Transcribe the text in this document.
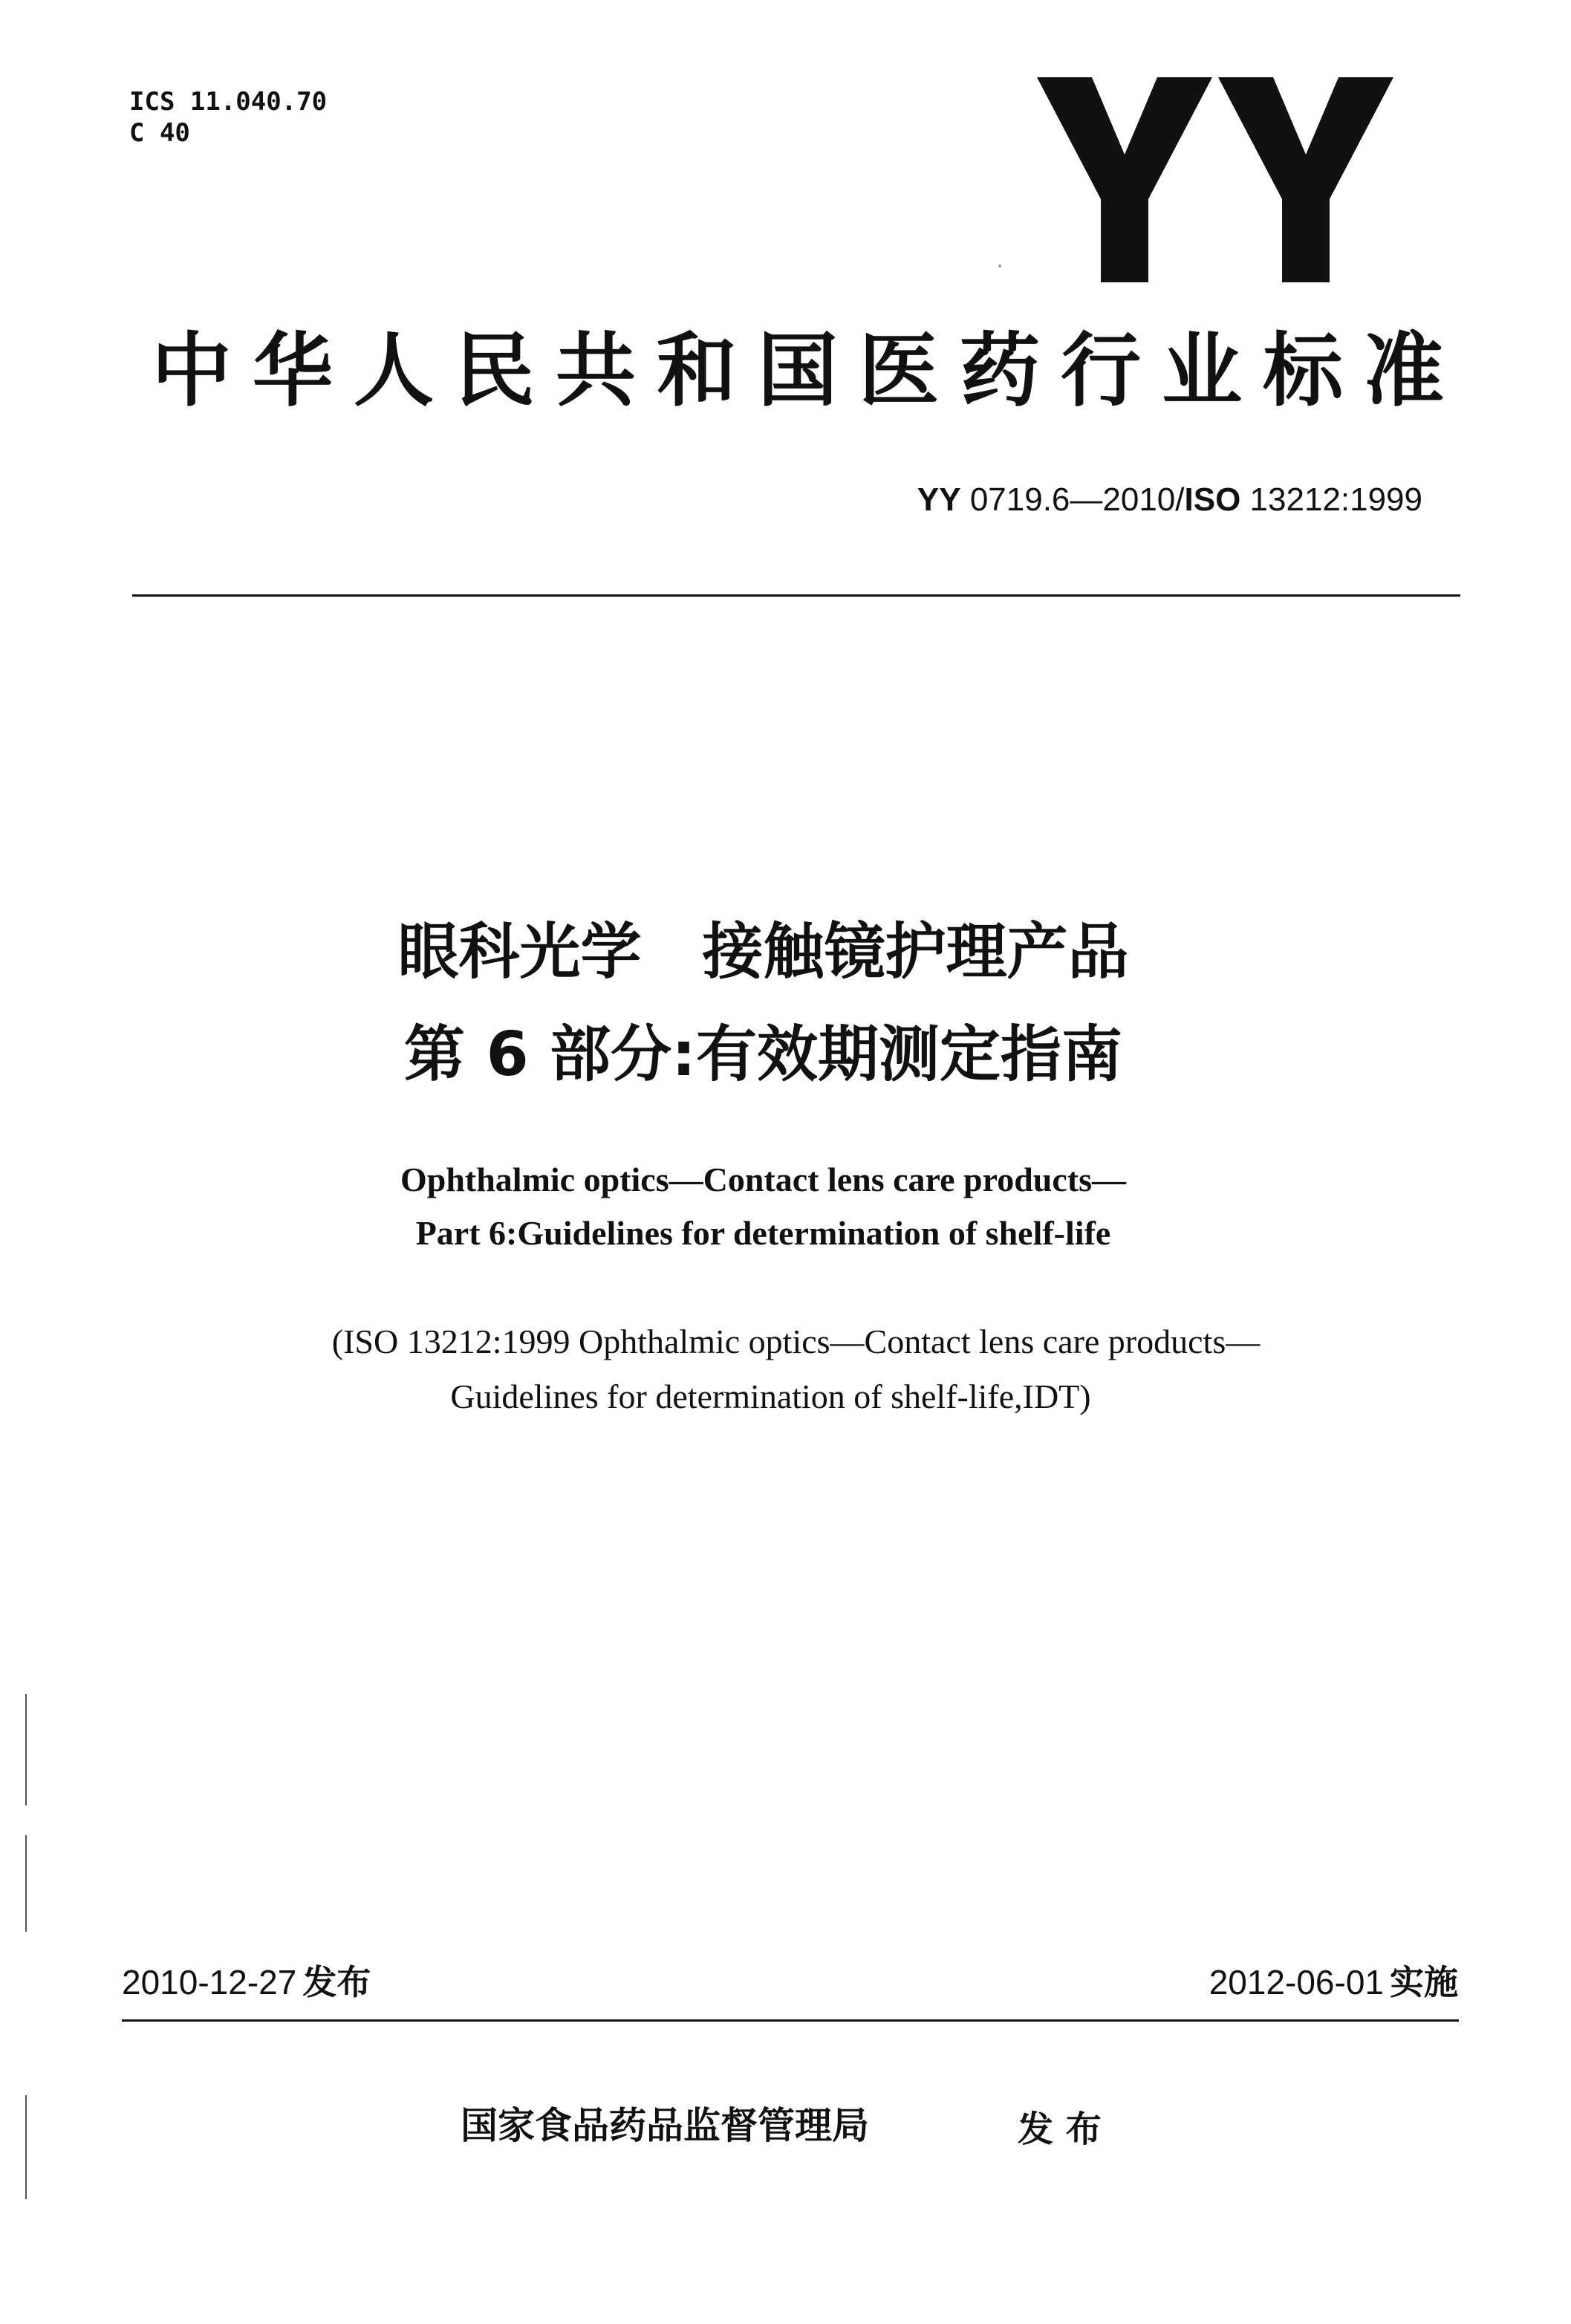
ICS 11.040.70
C 40
中华人民共和国医药行业标准
YY 0719.6—2010/ISO 13212:1999
眼科光学　接触镜护理产品
第 6 部分:有效期测定指南
Ophthalmic optics—Contact lens care products—
Part 6:Guidelines for determination of shelf-life
(ISO 13212:1999 Ophthalmic optics—Contact lens care products—
Guidelines for determination of shelf-life,IDT)
2010-12-27 发布	2012-06-01 实施
国家食品药品监督管理局	发 布
